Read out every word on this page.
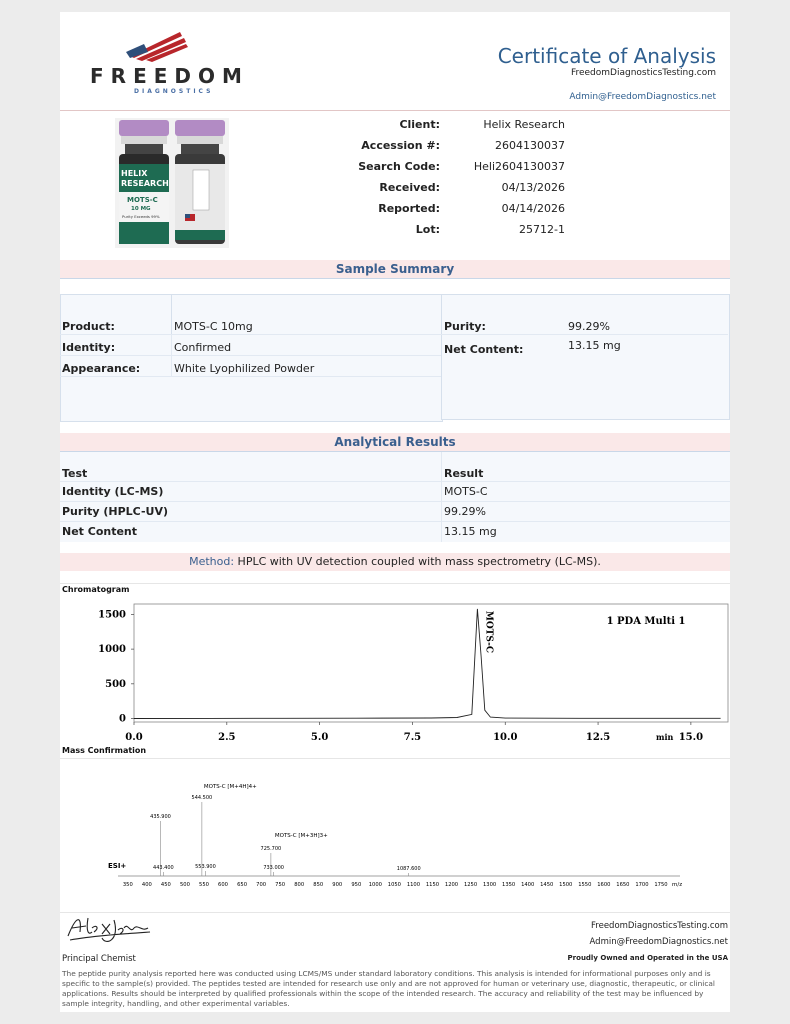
FREEDOM
DIAGNOSTICS
Certificate of Analysis
FreedomDiagnosticsTesting.com
Admin@FreedomDiagnostics.net
HELIX
RESEARCH
MOTS-C
10 MG
Purity Exceeds 99%
Client:	Helix Research
Accession #:	2604130037
Search Code:	Heli2604130037
Received:	04/13/2026
Reported:	04/14/2026
Lot:	25712-1
Sample Summary
Product:	MOTS-C 10mg
Identity:	Confirmed
Appearance:	White Lyophilized Powder
Purity:	99.29%
Net Content:	13.15 mg
Analytical Results
Test	Result
Identity (LC-MS)	MOTS-C
Purity (HPLC-UV)	99.29%
Net Content	13.15 mg
Method: HPLC with UV detection coupled with mass spectrometry (LC-MS).
Chromatogram
0
500
1000
1500
0.0	2.5	5.0	7.5	10.0	12.5	15.0
1 PDA Multi 1
MOTS-C
min
Mass Confirmation
ESI+
435.900
443.400
544.500
553.900
725.700
733.000	1087.600
350 400 450 500 550 600 650 700 750 800 850 900 950 1000 1050 1100 1150 1200 1250 1300 1350 1400 1450 1500 1550 1600 1650 1700 1750
MOTS-C [M+4H]4+
MOTS-C [M+3H]3+
m/z
Principal Chemist
FreedomDiagnosticsTesting.com
Admin@FreedomDiagnostics.net
Proudly Owned and Operated in the USA
The peptide purity analysis reported here was conducted using LCMS/MS under standard laboratory conditions. This analysis is intended for informational purposes only and is specific to the sample(s) provided. The peptides tested are intended for research use only and are not approved for human or veterinary use, diagnostic, therapeutic, or clinical applications. Results should be interpreted by qualified professionals within the scope of the intended research. The accuracy and reliability of the test may be influenced by sample integrity, handling, and other experimental variables.
